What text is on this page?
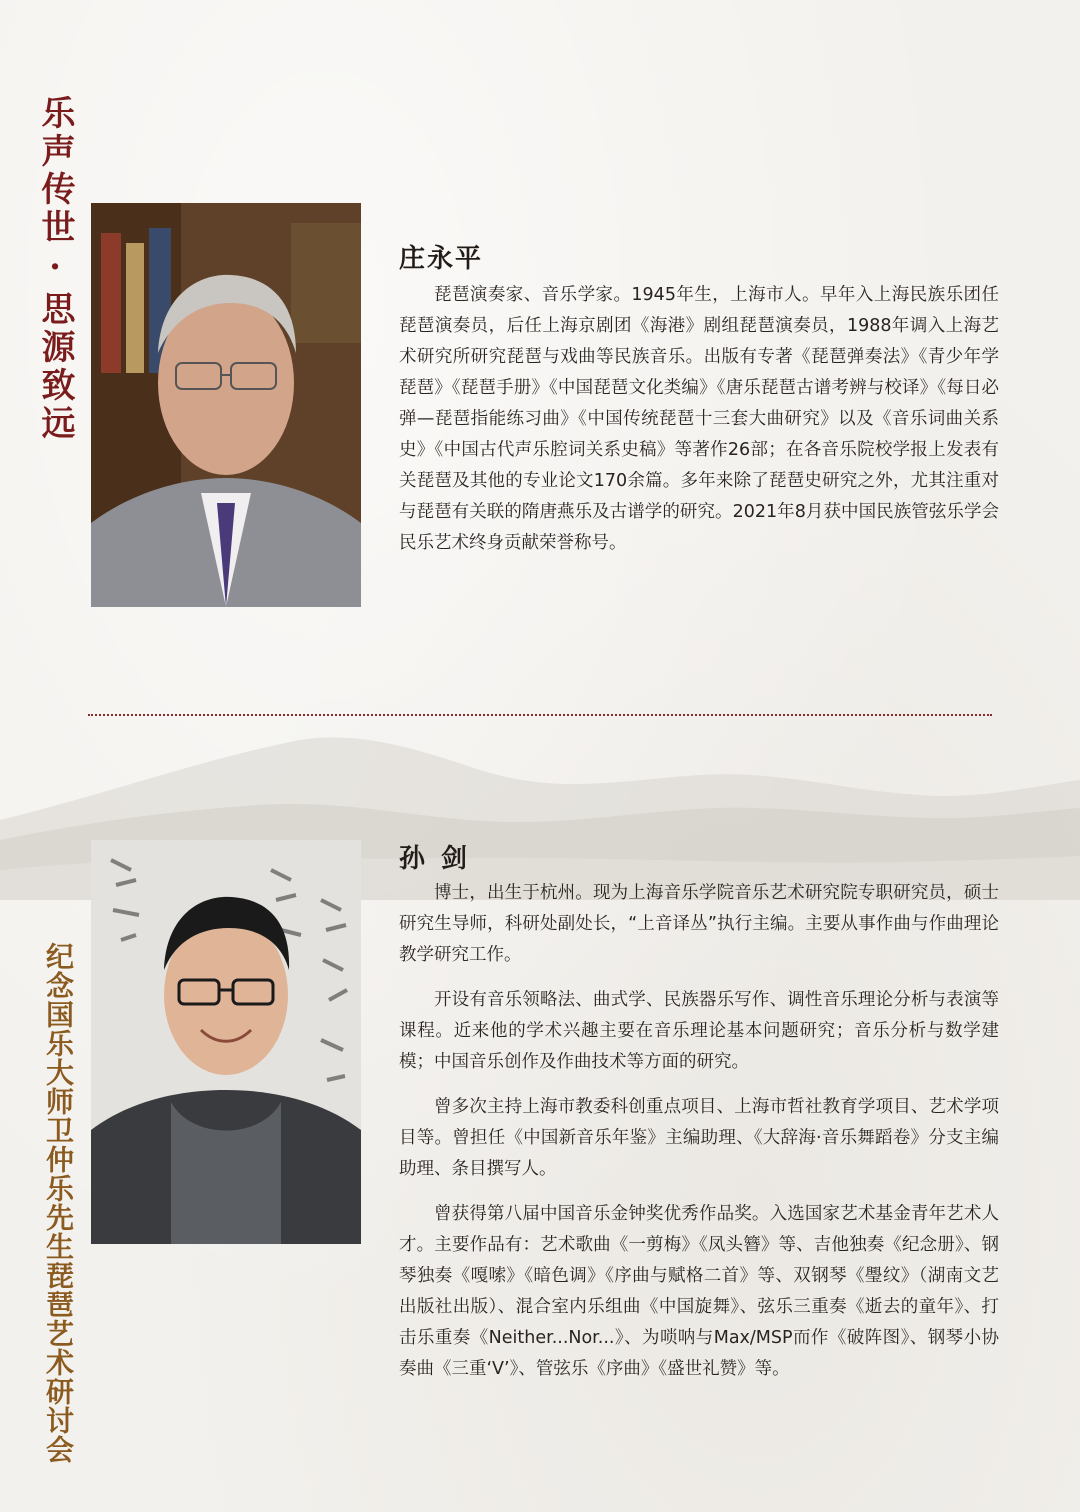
乐声传世·思源致远
纪念国乐大师卫仲乐先生琵琶艺术研讨会
庄永平

琵琶演奏家、音乐学家。1945年生，上海市人。早年入上海民族乐团任琵琶演奏员，后任上海京剧团《海港》剧组琵琶演奏员，1988年调入上海艺术研究所研究琵琶与戏曲等民族音乐。出版有专著《琵琶弹奏法》《青少年学琵琶》《琵琶手册》《中国琵琶文化类编》《唐乐琵琶古谱考辨与校译》《每日必弹—琵琶指能练习曲》《中国传统琵琶十三套大曲研究》以及《音乐词曲关系史》《中国古代声乐腔词关系史稿》等著作26部；在各音乐院校学报上发表有关琵琶及其他的专业论文170余篇。多年来除了琵琶史研究之外，尤其注重对与琵琶有关联的隋唐燕乐及古谱学的研究。2021年8月获中国民族管弦乐学会民乐艺术终身贡献荣誉称号。

孙剑

博士，出生于杭州。现为上海音乐学院音乐艺术研究院专职研究员，硕士研究生导师，科研处副处长，“上音译丛”执行主编。主要从事作曲与作曲理论教学研究工作。

开设有音乐领略法、曲式学、民族器乐写作、调性音乐理论分析与表演等课程。近来他的学术兴趣主要在音乐理论基本问题研究；音乐分析与数学建模；中国音乐创作及作曲技术等方面的研究。

曾多次主持上海市教委科创重点项目、上海市哲社教育学项目、艺术学项目等。曾担任《中国新音乐年鉴》主编助理、《大辞海·音乐舞蹈卷》分支主编助理、条目撰写人。

曾获得第八届中国音乐金钟奖优秀作品奖。入选国家艺术基金青年艺术人才。主要作品有：艺术歌曲《一剪梅》《凤头簪》等、吉他独奏《纪念册》、钢琴独奏《嘎嗦》《暗色调》《序曲与赋格二首》等、双钢琴《璺纹》（湖南文艺出版社出版）、混合室内乐组曲《中国旋舞》、弦乐三重奏《逝去的童年》、打击乐重奏《Neither...Nor...》、为唢呐与Max/MSP而作《破阵图》、钢琴小协奏曲《三重‘V’》、管弦乐《序曲》《盛世礼赞》等。
